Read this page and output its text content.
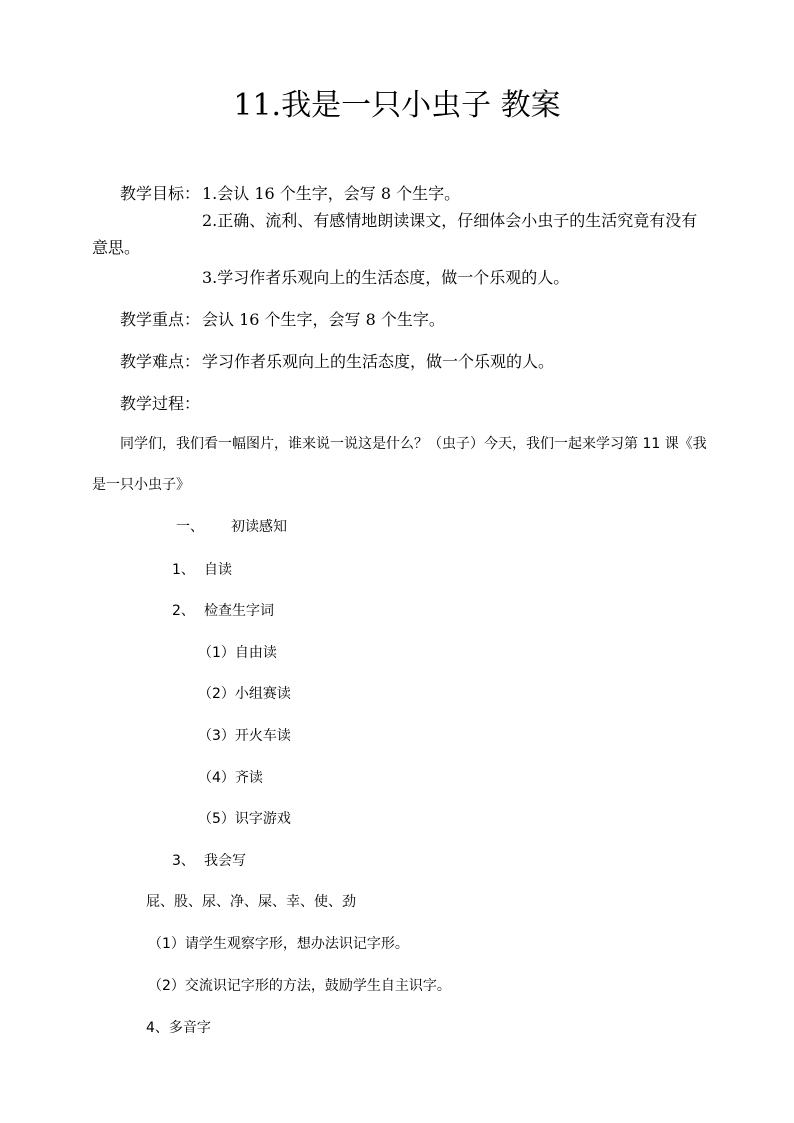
11.我是一只小虫子 教案
教学目标： 1.会认 16 个生字，会写 8 个生字。
2.正确、流利、有感情地朗读课文，仔细体会小虫子的生活究竟有没有
意思。
3.学习作者乐观向上的生活态度，做一个乐观的人。
教学重点： 会认 16 个生字，会写 8 个生字。
教学难点： 学习作者乐观向上的生活态度，做一个乐观的人。
教学过程：
同学们，我们看一幅图片，谁来说一说这是什么？（虫子）今天，我们一起来学习第 11 课《我
是一只小虫子》
一、 初读感知
1、 自读
2、 检查生字词
（1）自由读
（2）小组赛读
（3）开火车读
（4）齐读
（5）识字游戏
3、 我会写
屁、股、尿、净、屎、幸、使、劲
（1）请学生观察字形，想办法识记字形。
（2）交流识记字形的方法，鼓励学生自主识字。
4、多音字
